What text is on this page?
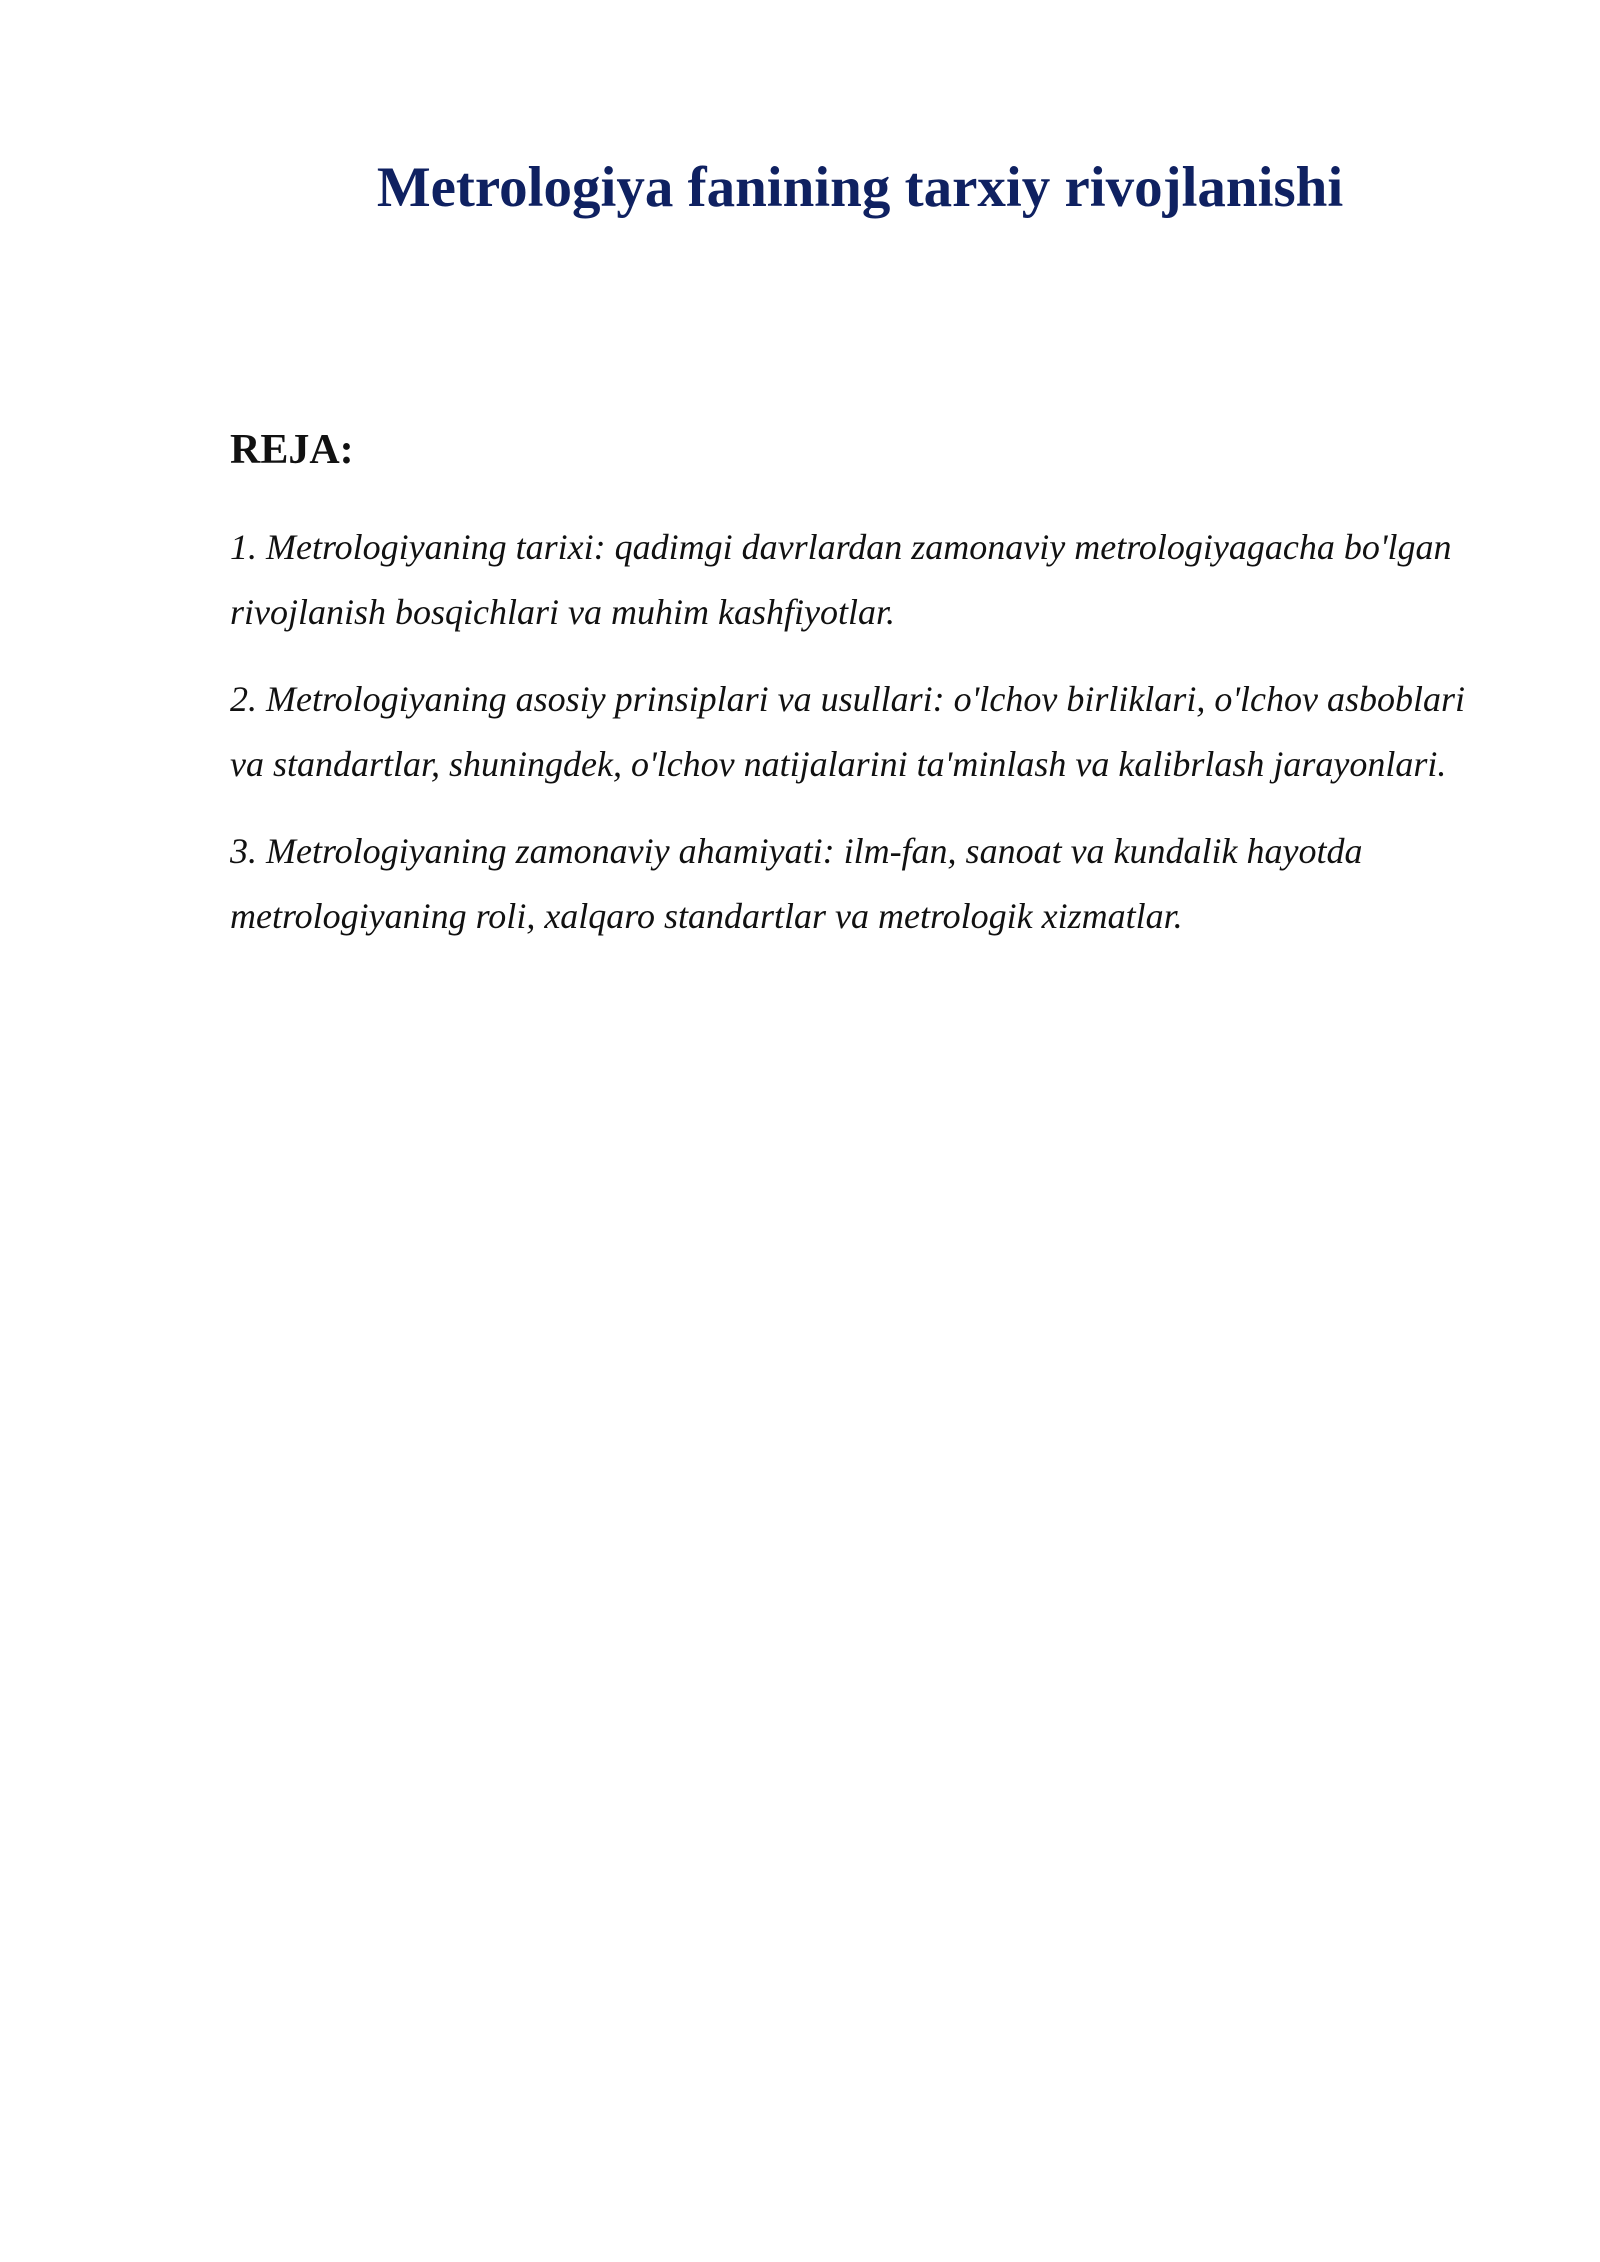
Metrologiya fanining tarxiy rivojlanishi
REJA:
1. Metrologiyaning tarixi: qadimgi davrlardan zamonaviy metrologiyagacha bo'lgan rivojlanish bosqichlari va muhim kashfiyotlar.
2. Metrologiyaning asosiy prinsiplari va usullari: o'lchov birliklari, o'lchov asboblari va standartlar, shuningdek, o'lchov natijalarini ta'minlash va kalibrlash jarayonlari.
3. Metrologiyaning zamonaviy ahamiyati: ilm-fan, sanoat va kundalik hayotda metrologiyaning roli, xalqaro standartlar va metrologik xizmatlar.
